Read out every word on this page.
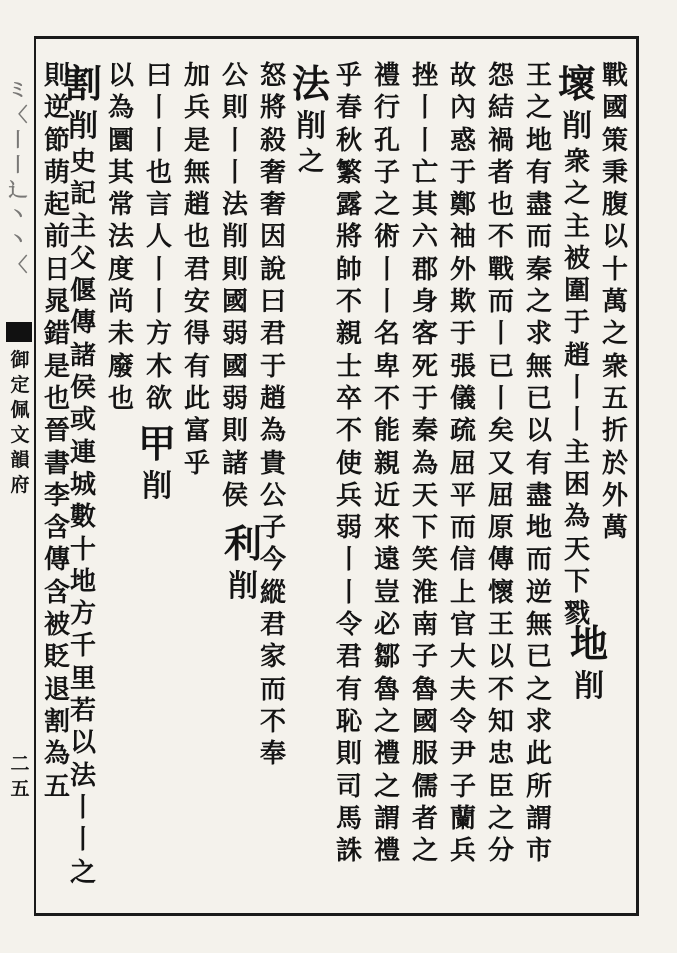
ミ
〈
丨
丨
辶
丶
丶
〈
御
定
佩
文
韻
府
二
五
戰
國
策
秉
腹
以
十
萬
之
衆
五
折
於
外
萬
壞
削
衆
之
主
被
圍
于
趙
丨
丨
主
困
為
天
下
戮
王
之
地
有
盡
而
秦
之
求
無
已
以
有
盡
地
而
逆
無
已
之
求
此
所
謂
市
怨
結
禍
者
也
不
戰
而
丨
已
丨
矣
又
屈
原
傳
懷
王
以
不
知
忠
臣
之
分
故
內
惑
于
鄭
袖
外
欺
于
張
儀
疏
屈
平
而
信
上
官
大
夫
令
尹
子
蘭
兵
挫
丨
丨
亡
其
六
郡
身
客
死
于
秦
為
天
下
笑
淮
南
子
魯
國
服
儒
者
之
禮
行
孔
子
之
術
丨
丨
名
卑
不
能
親
近
來
遠
豈
必
鄒
魯
之
禮
之
謂
禮
乎
春
秋
繁
露
將
帥
不
親
士
卒
不
使
兵
弱
丨
丨
令
君
有
恥
則
司
馬
誅
法
削
之
怒
將
殺
奢
奢
因
說
曰
君
于
趙
為
貴
公
子
今
縱
君
家
而
不
奉
公
則
丨
丨
法
削
則
國
弱
國
弱
則
諸
侯
加
兵
是
無
趙
也
君
安
得
有
此
富
乎
曰
丨
丨
也
言
人
丨
丨
方
木
欲
以
為
圜
其
常
法
度
尚
未
廢
也
割
削
史
記
主
父
偃
傳
諸
侯
或
連
城
數
十
地
方
千
里
若
以
法
丨
丨
之
則
逆
節
萌
起
前
日
晁
錯
是
也
晉
書
李
含
傳
含
被
貶
退
割
為
五
地
削
利
削
甲
削
